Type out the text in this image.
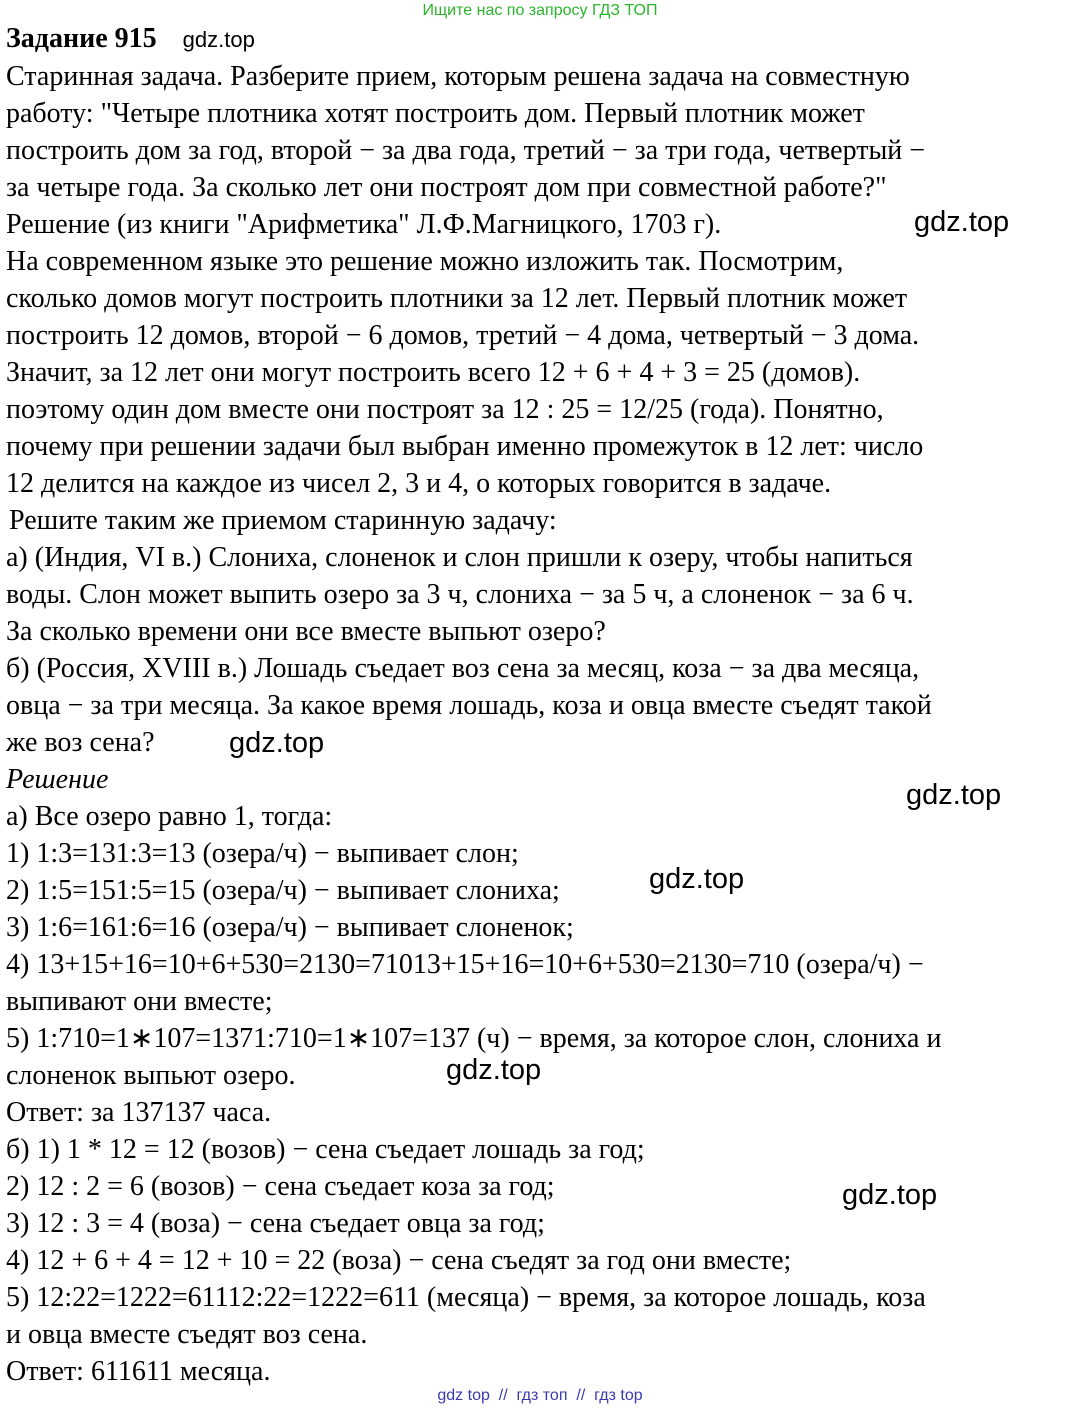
Ищите нас по запросу ГДЗ ТОП
Задание 915 gdz.top
Старинная задача. Разберите прием, которым решена задача на совместную
работу: "Четыре плотника хотят построить дом. Первый плотник может
построить дом за год, второй − за два года, третий − за три года, четвертый −
за четыре года. За сколько лет они построят дом при совместной работе?"
Решение (из книги "Арифметика" Л.Ф.Магницкого, 1703 г).
На современном языке это решение можно изложить так. Посмотрим,
сколько домов могут построить плотники за 12 лет. Первый плотник может
построить 12 домов, второй − 6 домов, третий − 4 дома, четвертый − 3 дома.
Значит, за 12 лет они могут построить всего 12 + 6 + 4 + 3 = 25 (домов).
поэтому один дом вместе они построят за 12 : 25 = 12/25 (года). Понятно,
почему при решении задачи был выбран именно промежуток в 12 лет: число
12 делится на каждое из чисел 2, 3 и 4, о которых говорится в задаче.
Решите таким же приемом старинную задачу:
а) (Индия, VI в.) Слониха, слоненок и слон пришли к озеру, чтобы напиться
воды. Слон может выпить озеро за 3 ч, слониха − за 5 ч, а слоненок − за 6 ч.
За сколько времени они все вместе выпьют озеро?
б) (Россия, XVIII в.) Лошадь съедает воз сена за месяц, коза − за два месяца,
овца − за три месяца. За какое время лошадь, коза и овца вместе съедят такой
же воз сена?
Решение
а) Все озеро равно 1, тогда:
1) 1:3=131:3=13 (озера/ч) − выпивает слон;
2) 1:5=151:5=15 (озера/ч) − выпивает слониха;
3) 1:6=161:6=16 (озера/ч) − выпивает слоненок;
4) 13+15+16=10+6+530=2130=71013+15+16=10+6+530=2130=710 (озера/ч) −
выпивают они вместе;
5) 1:710=1∗107=1371:710=1∗107=137 (ч) − время, за которое слон, слониха и
слоненок выпьют озеро.
Ответ: за 137137 часа.
б) 1) 1 * 12 = 12 (возов) − сена съедает лошадь за год;
2) 12 : 2 = 6 (возов) − сена съедает коза за год;
3) 12 : 3 = 4 (воза) − сена съедает овца за год;
4) 12 + 6 + 4 = 12 + 10 = 22 (воза) − сена съедят за год они вместе;
5) 12:22=1222=61112:22=1222=611 (месяца) − время, за которое лошадь, коза
и овца вместе съедят воз сена.
Ответ: 611611 месяца.
gdz.top
gdz.top
gdz.top
gdz.top
gdz.top
gdz.top
gdz top  //  гдз топ  //  гдз top
